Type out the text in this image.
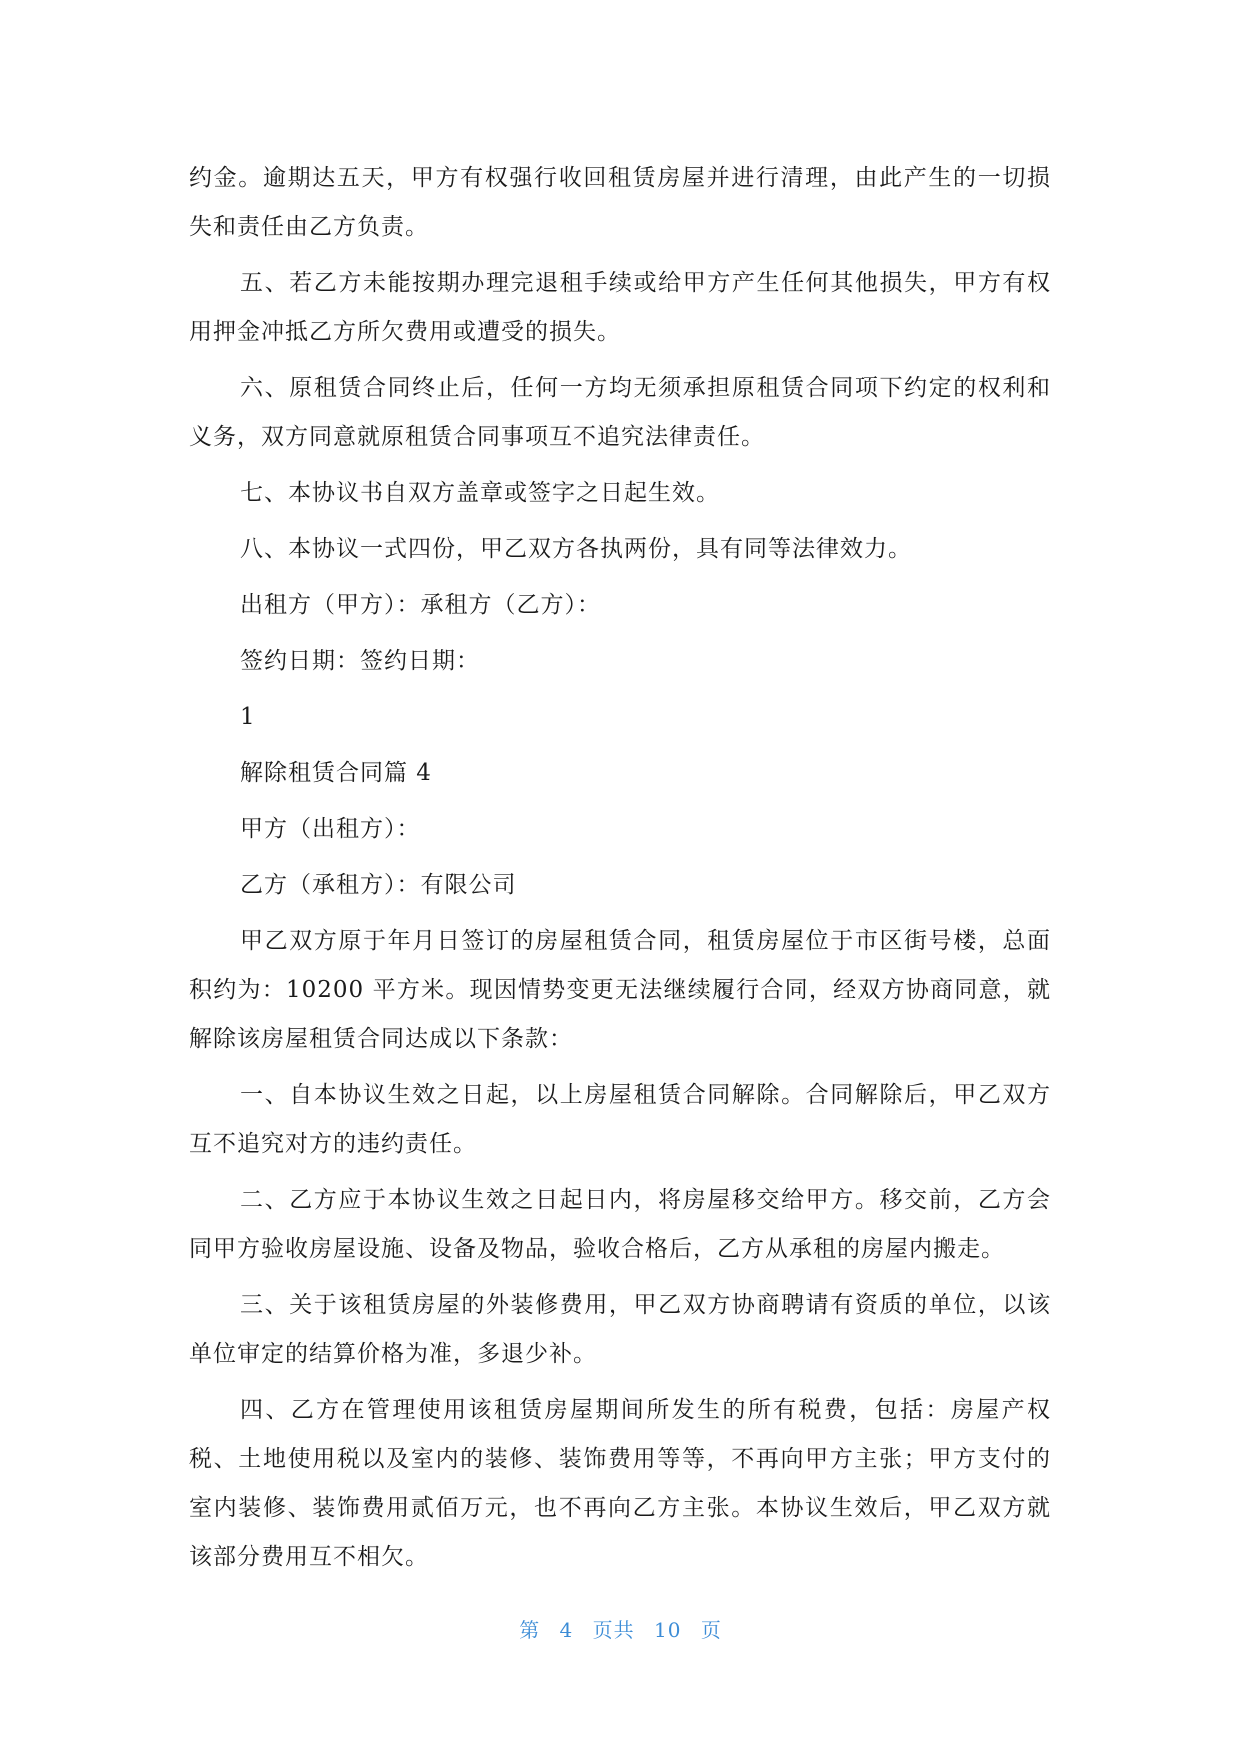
约金。逾期达五天，甲方有权强行收回租赁房屋并进行清理，由此产生的一切损失和责任由乙方负责。

五、若乙方未能按期办理完退租手续或给甲方产生任何其他损失，甲方有权用押金冲抵乙方所欠费用或遭受的损失。

六、原租赁合同终止后，任何一方均无须承担原租赁合同项下约定的权利和义务，双方同意就原租赁合同事项互不追究法律责任。

七、本协议书自双方盖章或签字之日起生效。

八、本协议一式四份，甲乙双方各执两份，具有同等法律效力。

出租方（甲方）：承租方（乙方）：

签约日期：签约日期：

1

解除租赁合同篇 4

甲方（出租方）：

乙方（承租方）：有限公司

甲乙双方原于年月日签订的房屋租赁合同，租赁房屋位于市区街号楼，总面积约为：10200 平方米。现因情势变更无法继续履行合同，经双方协商同意，就解除该房屋租赁合同达成以下条款：

一、自本协议生效之日起，以上房屋租赁合同解除。合同解除后，甲乙双方互不追究对方的违约责任。

二、乙方应于本协议生效之日起日内，将房屋移交给甲方。移交前，乙方会同甲方验收房屋设施、设备及物品，验收合格后，乙方从承租的房屋内搬走。

三、关于该租赁房屋的外装修费用，甲乙双方协商聘请有资质的单位，以该单位审定的结算价格为准，多退少补。

四、乙方在管理使用该租赁房屋期间所发生的所有税费，包括：房屋产权税、土地使用税以及室内的装修、装饰费用等等，不再向甲方主张；甲方支付的室内装修、装饰费用贰佰万元，也不再向乙方主张。本协议生效后，甲乙双方就该部分费用互不相欠。

第 4 页共 10 页
